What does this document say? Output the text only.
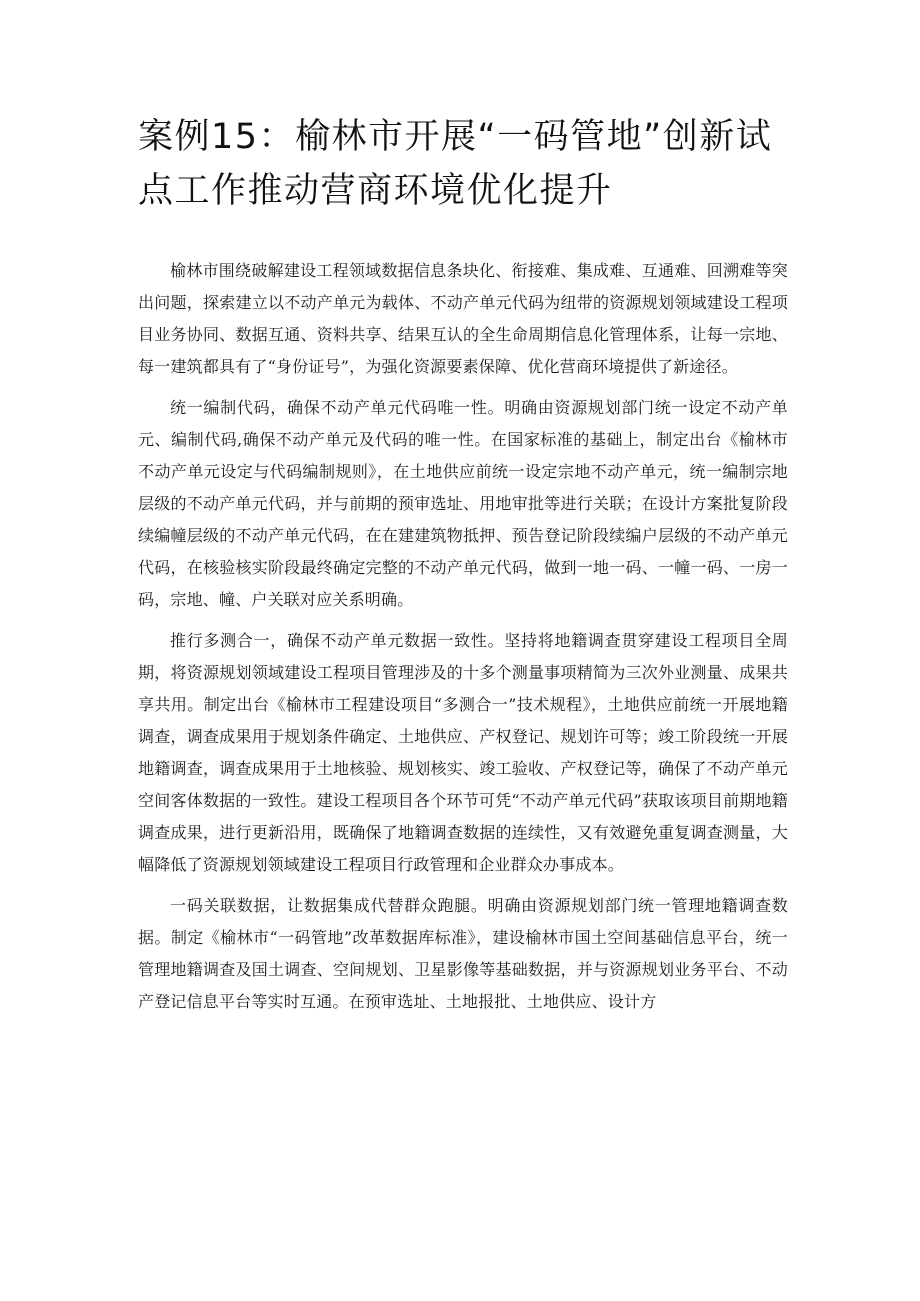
案例15：榆林市开展“一码管地”创新试点工作推动营商环境优化提升

榆林市围绕破解建设工程领域数据信息条块化、衔接难、集成难、互通难、回溯难等突出问题，探索建立以不动产单元为载体、不动产单元代码为纽带的资源规划领域建设工程项目业务协同、数据互通、资料共享、结果互认的全生命周期信息化管理体系，让每一宗地、每一建筑都具有了“身份证号”，为强化资源要素保障、优化营商环境提供了新途径。

统一编制代码，确保不动产单元代码唯一性。明确由资源规划部门统一设定不动产单元、编制代码,确保不动产单元及代码的唯一性。在国家标准的基础上，制定出台《榆林市不动产单元设定与代码编制规则》，在土地供应前统一设定宗地不动产单元，统一编制宗地层级的不动产单元代码，并与前期的预审选址、用地审批等进行关联；在设计方案批复阶段续编幢层级的不动产单元代码，在在建建筑物抵押、预告登记阶段续编户层级的不动产单元代码，在核验核实阶段最终确定完整的不动产单元代码，做到一地一码、一幢一码、一房一码，宗地、幢、户关联对应关系明确。

推行多测合一，确保不动产单元数据一致性。坚持将地籍调查贯穿建设工程项目全周期，将资源规划领域建设工程项目管理涉及的十多个测量事项精简为三次外业测量、成果共享共用。制定出台《榆林市工程建设项目“多测合一”技术规程》，土地供应前统一开展地籍调查，调查成果用于规划条件确定、土地供应、产权登记、规划许可等；竣工阶段统一开展地籍调查，调查成果用于土地核验、规划核实、竣工验收、产权登记等，确保了不动产单元空间客体数据的一致性。建设工程项目各个环节可凭“不动产单元代码”获取该项目前期地籍调查成果，进行更新沿用，既确保了地籍调查数据的连续性，又有效避免重复调查测量，大幅降低了资源规划领域建设工程项目行政管理和企业群众办事成本。

一码关联数据，让数据集成代替群众跑腿。明确由资源规划部门统一管理地籍调查数据。制定《榆林市“一码管地”改革数据库标准》，建设榆林市国土空间基础信息平台，统一管理地籍调查及国土调查、空间规划、卫星影像等基础数据，并与资源规划业务平台、不动产登记信息平台等实时互通。在预审选址、土地报批、土地供应、设计方
